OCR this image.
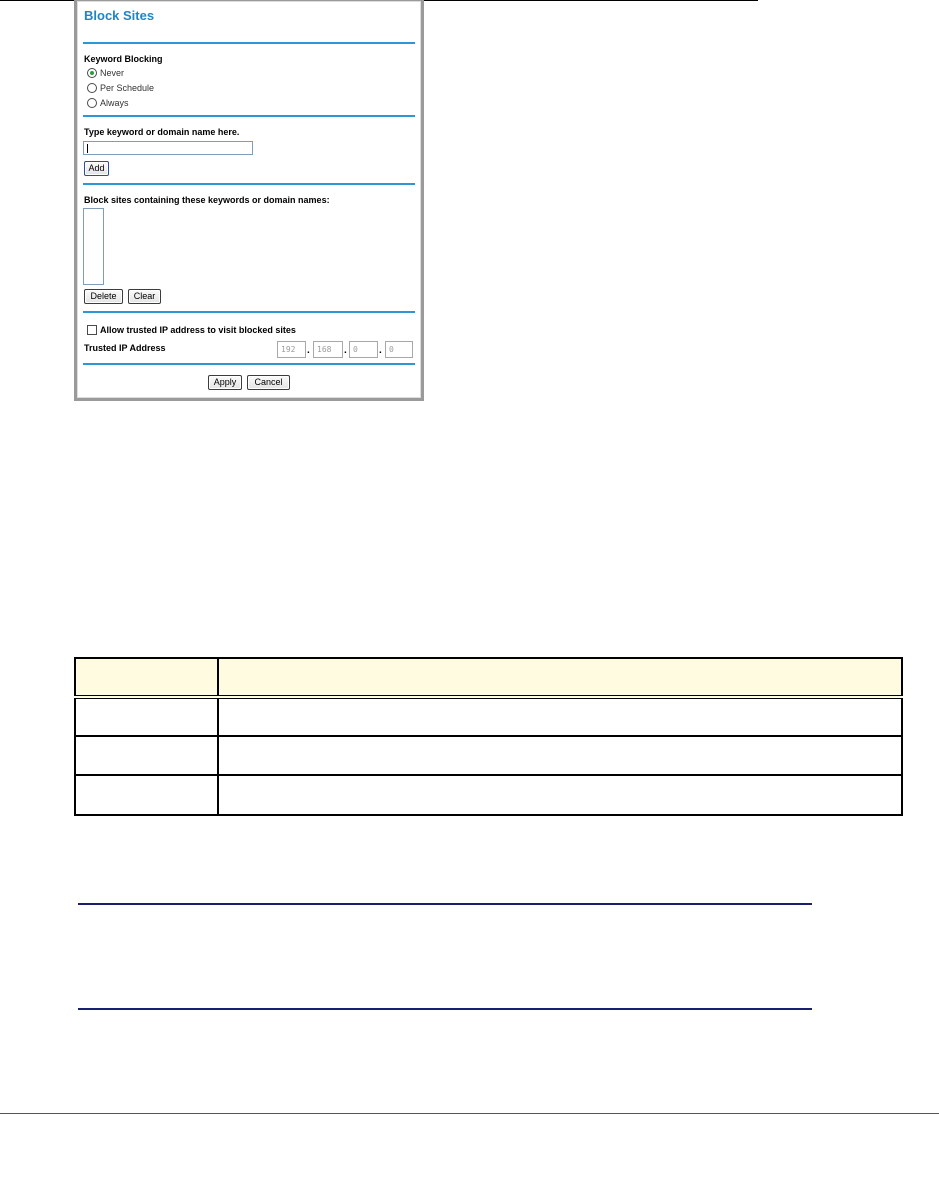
Block Sites
Keyword Blocking
Never
Per Schedule
Always
Type keyword or domain name here.
Add
Block sites containing these keywords or domain names:
Delete	Clear
Allow trusted IP address to visit blocked sites
Trusted IP Address	192	. 168	. 0	. 0
Apply	Cancel
